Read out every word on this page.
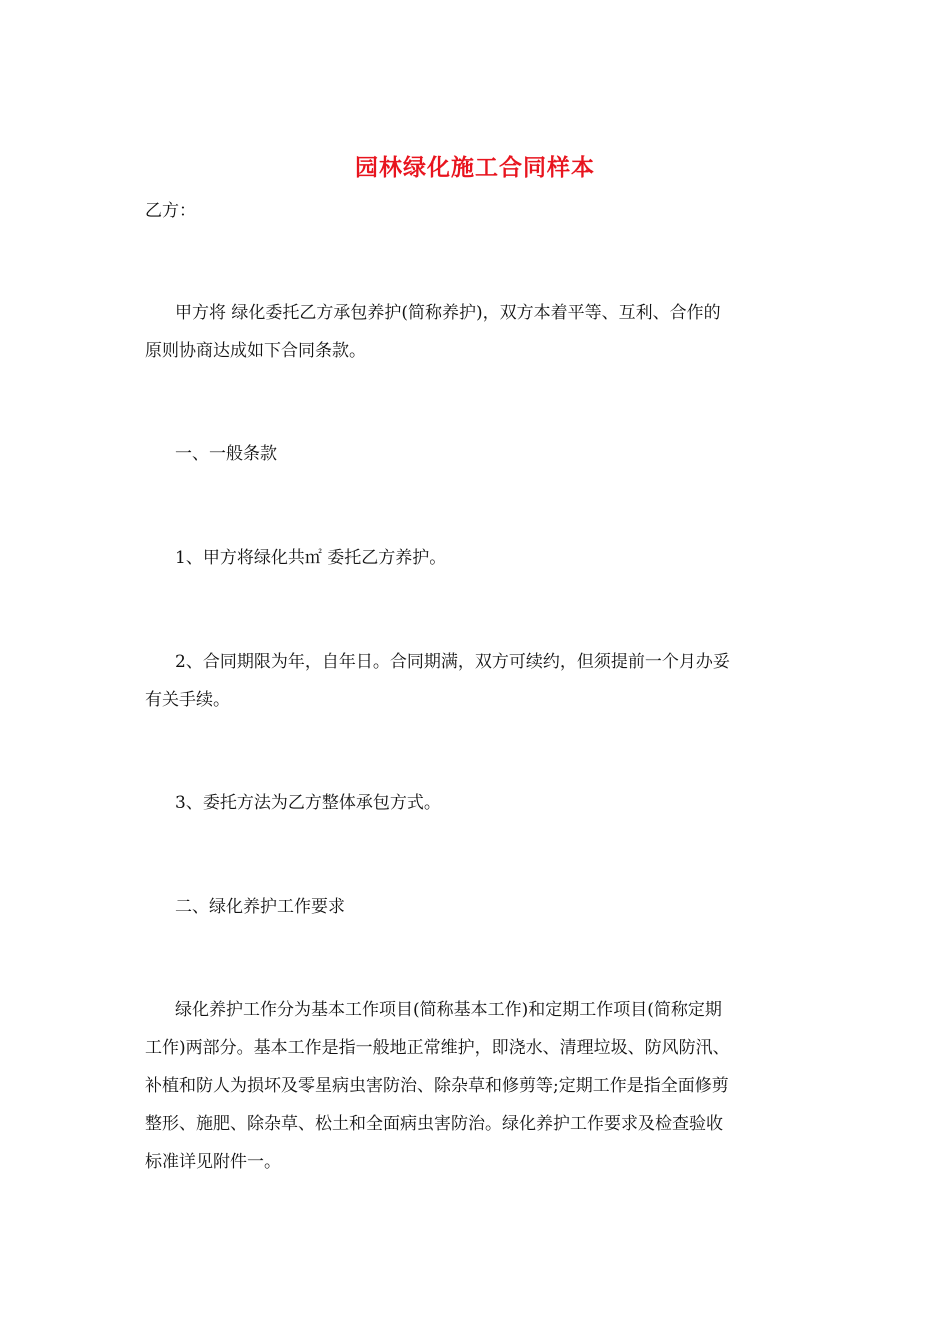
园林绿化施工合同样本
乙方：
甲方将 绿化委托乙方承包养护(简称养护)，双方本着平等、互利、合作的
原则协商达成如下合同条款。
一、一般条款
1、甲方将绿化共㎡ 委托乙方养护。
2、合同期限为年，自年日。合同期满，双方可续约，但须提前一个月办妥
有关手续。
3、委托方法为乙方整体承包方式。
二、绿化养护工作要求
绿化养护工作分为基本工作项目(简称基本工作)和定期工作项目(简称定期
工作)两部分。基本工作是指一般地正常维护，即浇水、清理垃圾、防风防汛、
补植和防人为损坏及零星病虫害防治、除杂草和修剪等;定期工作是指全面修剪
整形、施肥、除杂草、松土和全面病虫害防治。绿化养护工作要求及检查验收
标准详见附件一。
